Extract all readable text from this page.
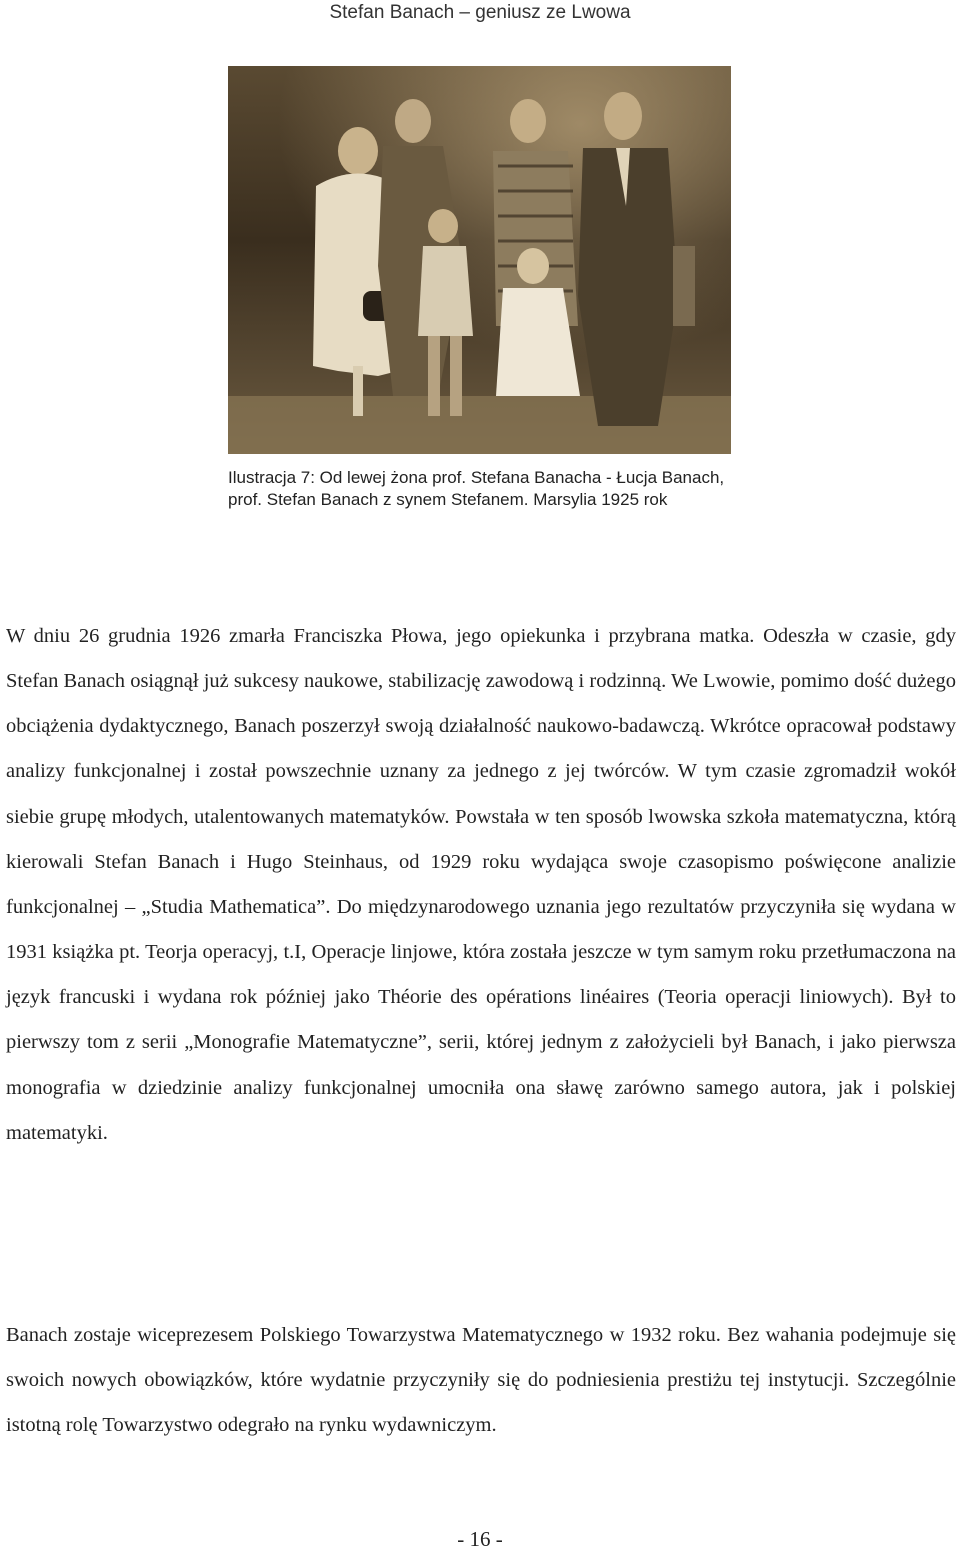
Stefan Banach – geniusz ze Lwowa
Ilustracja 7: Od lewej żona prof. Stefana Banacha - Łucja Banach, prof. Stefan Banach z synem Stefanem. Marsylia 1925 rok

W dniu 26 grudnia 1926 zmarła Franciszka Płowa, jego opiekunka i przybrana matka. Odeszła w czasie, gdy Stefan Banach osiągnął już sukcesy naukowe, stabilizację zawodową i rodzinną. We Lwowie, pomimo dość dużego obciążenia dydaktycznego, Banach poszerzył swoją działalność naukowo-badawczą. Wkrótce opracował podstawy analizy funkcjonalnej i został powszechnie uznany za jednego z jej twórców. W tym czasie zgromadził wokół siebie grupę młodych, utalentowanych matematyków. Powstała w ten sposób lwowska szkoła matematyczna, którą kierowali Stefan Banach i Hugo Steinhaus, od 1929 roku wydająca swoje czasopismo poświęcone analizie funkcjonalnej – „Studia Mathematica”. Do międzynarodowego uznania jego rezultatów przyczyniła się wydana w 1931 książka pt. Teorja operacyj, t.I, Operacje linjowe, która została jeszcze w tym samym roku przetłumaczona na język francuski i wydana rok później jako Théorie des opérations linéaires (Teoria operacji liniowych). Był to pierwszy tom z serii „Monografie Matematyczne”, serii, której jednym z założycieli był Banach, i jako pierwsza monografia w dziedzinie analizy funkcjonalnej umocniła ona sławę zarówno samego autora, jak i polskiej matematyki.

Banach zostaje wiceprezesem Polskiego Towarzystwa Matematycznego w 1932 roku. Bez wahania podejmuje się swoich nowych obowiązków, które wydatnie przyczyniły się do podniesienia prestiżu tej instytucji. Szczególnie istotną rolę Towarzystwo odegrało na rynku wydawniczym.

- 16 -
